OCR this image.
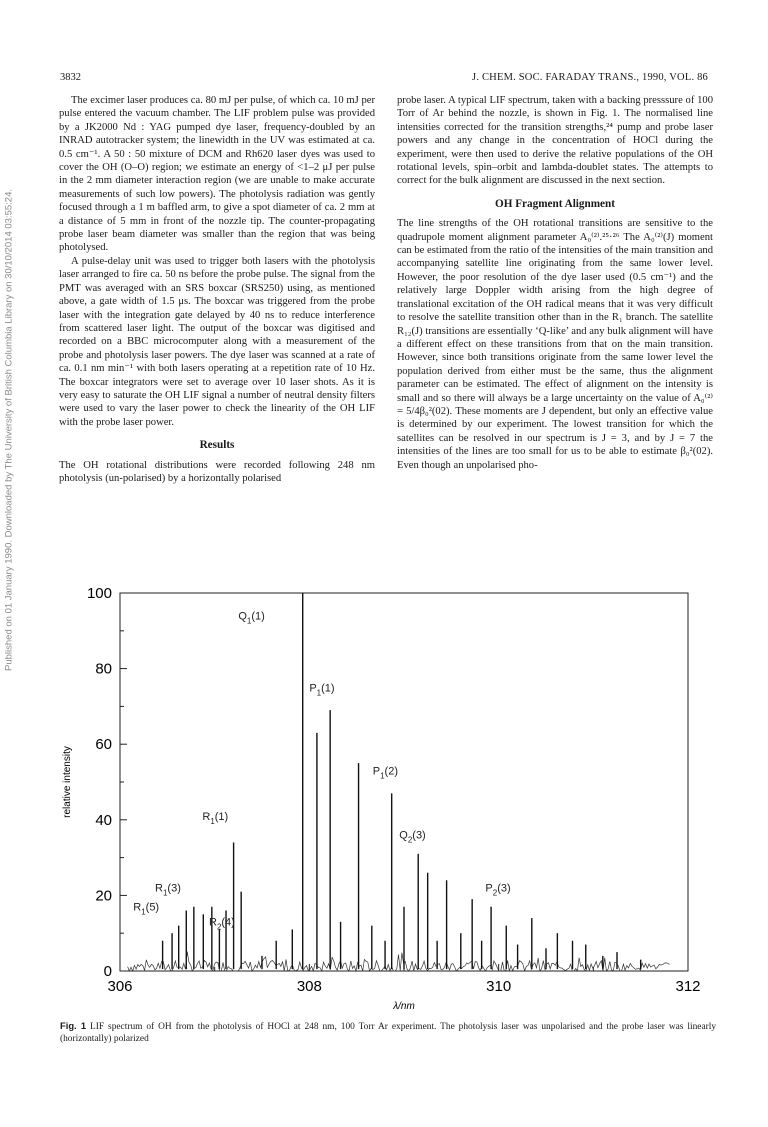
Published on 01 January 1990. Downloaded by The University of British Columbia Library on 30/10/2014 03:55:24.
3832	J. CHEM. SOC. FARADAY TRANS., 1990, VOL. 86

The excimer laser produces ca. 80 mJ per pulse, of which ca. 10 mJ per pulse entered the vacuum chamber. The LIF problem pulse was provided by a JK2000 Nd : YAG pumped dye laser, frequency-doubled by an INRAD autotracker system; the linewidth in the UV was estimated at ca. 0.5 cm⁻¹. A 50 : 50 mixture of DCM and Rh620 laser dyes was used to cover the OH (O–O) region; we estimate an energy of <1–2 μJ per pulse in the 2 mm diameter interaction region (we are unable to make accurate measurements of such low powers). The photolysis radiation was gently focused through a 1 m baffled arm, to give a spot diameter of ca. 2 mm at a distance of 5 mm in front of the nozzle tip. The counter-propagating probe laser beam diameter was smaller than the region that was being photolysed.

A pulse-delay unit was used to trigger both lasers with the photolysis laser arranged to fire ca. 50 ns before the probe pulse. The signal from the PMT was averaged with an SRS boxcar (SRS250) using, as mentioned above, a gate width of 1.5 μs. The boxcar was triggered from the probe laser with the integration gate delayed by 40 ns to reduce interference from scattered laser light. The output of the boxcar was digitised and recorded on a BBC microcomputer along with a measurement of the probe and photolysis laser powers. The dye laser was scanned at a rate of ca. 0.1 nm min⁻¹ with both lasers operating at a repetition rate of 10 Hz. The boxcar integrators were set to average over 10 laser shots. As it is very easy to saturate the OH LIF signal a number of neutral density filters were used to vary the laser power to check the linearity of the OH LIF with the probe laser power.

Results

The OH rotational distributions were recorded following 248 nm photolysis (un-polarised) by a horizontally polarised

probe laser. A typical LIF spectrum, taken with a backing presssure of 100 Torr of Ar behind the nozzle, is shown in Fig. 1. The normalised line intensities corrected for the transition strengths,²⁴ pump and probe laser powers and any change in the concentration of HOCl during the experiment, were then used to derive the relative populations of the OH rotational levels, spin–orbit and lambda-doublet states. The attempts to correct for the bulk alignment are discussed in the next section.

OH Fragment Alignment

The line strengths of the OH rotational transitions are sensitive to the quadrupole moment alignment parameter A₀⁽²⁾.²⁵·²⁶ The A₀⁽²⁾(J) moment can be estimated from the ratio of the intensities of the main transition and accompanying satellite line originating from the same lower level. However, the poor resolution of the dye laser used (0.5 cm⁻¹) and the relatively large Doppler width arising from the high degree of translational excitation of the OH radical means that it was very difficult to resolve the satellite transition other than in the R₁ branch. The satellite R₁₂(J) transitions are essentially ‘Q-like’ and any bulk alignment will have a different effect on these transitions from that on the main transition. However, since both transitions originate from the same lower level the population derived from either must be the same, thus the alignment parameter can be estimated. The effect of alignment on the intensity is small and so there will always be a large uncertainty on the value of A₀⁽²⁾ = 5/4β₀²(02). These moments are J dependent, but only an effective value is determined by our experiment. The lowest transition for which the satellites can be resolved in our spectrum is J = 3, and by J = 7 the intensities of the lines are too small for us to be able to estimate β₀²(02). Even though an unpolarised pho-

0
20
40
60
80
100
306	308	310	312
λ/nm
relative intensity
$Q_1(1)$
$P_1(1)$
$P_1(2)$
$R_1(1)$
$Q_2(3)$
$R_1(3)$
$R_1(5)$
$P_2(3)$
$R_2(4)$
Fig. 1 LIF spectrum of OH from the photolysis of HOCl at 248 nm, 100 Torr Ar experiment. The photolysis laser was unpolarised and the probe laser was linearly (horizontally) polarized
